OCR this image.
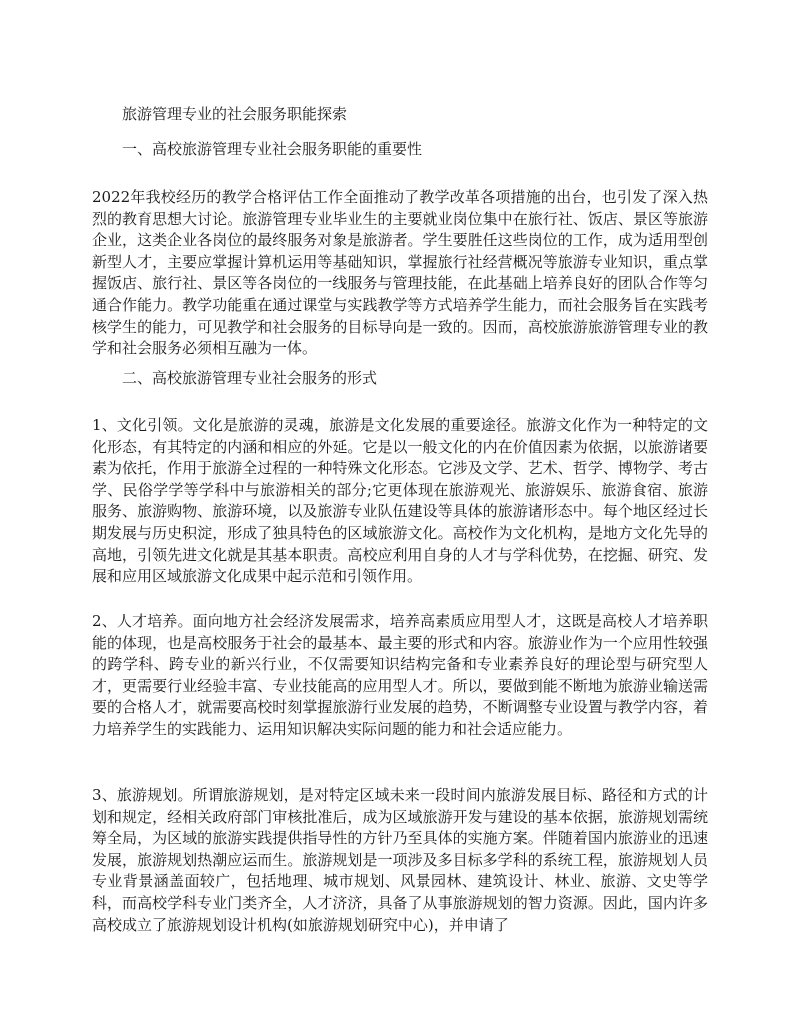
旅游管理专业的社会服务职能探索
一、高校旅游管理专业社会服务职能的重要性

2022年我校经历的教学合格评估工作全面推动了教学改革各项措施的出台，也引发了深入热烈的教育思想大讨论。旅游管理专业毕业生的主要就业岗位集中在旅行社、饭店、景区等旅游企业，这类企业各岗位的最终服务对象是旅游者。学生要胜任这些岗位的工作，成为适用型创新型人才，主要应掌握计算机运用等基础知识，掌握旅行社经营概况等旅游专业知识，重点掌握饭店、旅行社、景区等各岗位的一线服务与管理技能，在此基础上培养良好的团队合作等匀通合作能力。教学功能重在通过课堂与实践教学等方式培养学生能力，而社会服务旨在实践考核学生的能力，可见教学和社会服务的目标导向是一致的。因而，高校旅游旅游管理专业的教学和社会服务必须相互融为一体。

二、高校旅游管理专业社会服务的形式

1、文化引领。文化是旅游的灵魂，旅游是文化发展的重要途径。旅游文化作为一种特定的文化形态，有其特定的内涵和相应的外延。它是以一般文化的内在价值因素为依据，以旅游诸要素为依托，作用于旅游全过程的一种特殊文化形态。它涉及文学、艺术、哲学、博物学、考古学、民俗学学等学科中与旅游相关的部分;它更体现在旅游观光、旅游娱乐、旅游食宿、旅游服务、旅游购物、旅游环境，以及旅游专业队伍建设等具体的旅游诸形态中。每个地区经过长期发展与历史积淀，形成了独具特色的区域旅游文化。高校作为文化机构，是地方文化先导的高地，引领先进文化就是其基本职责。高校应利用自身的人才与学科优势，在挖掘、研究、发展和应用区域旅游文化成果中起示范和引领作用。

2、人才培养。面向地方社会经济发展需求，培养高素质应用型人才，这既是高校人才培养职能的体现，也是高校服务于社会的最基本、最主要的形式和内容。旅游业作为一个应用性较强的跨学科、跨专业的新兴行业，不仅需要知识结构完备和专业素养良好的理论型与研究型人才，更需要行业经验丰富、专业技能高的应用型人才。所以，要做到能不断地为旅游业输送需要的合格人才，就需要高校时刻掌握旅游行业发展的趋势，不断调整专业设置与教学内容，着力培养学生的实践能力、运用知识解决实际问题的能力和社会适应能力。

3、旅游规划。所谓旅游规划，是对特定区域未来一段时间内旅游发展目标、路径和方式的计划和规定，经相关政府部门审核批准后，成为区域旅游开发与建设的基本依据，旅游规划需统筹全局，为区域的旅游实践提供指导性的方针乃至具体的实施方案。伴随着国内旅游业的迅速发展，旅游规划热潮应运而生。旅游规划是一项涉及多目标多学科的系统工程，旅游规划人员专业背景涵盖面较广，包括地理、城市规划、风景园林、建筑设计、林业、旅游、文史等学科，而高校学科专业门类齐全，人才济济，具备了从事旅游规划的智力资源。因此，国内许多高校成立了旅游规划设计机构(如旅游规划研究中心)，并申请了
